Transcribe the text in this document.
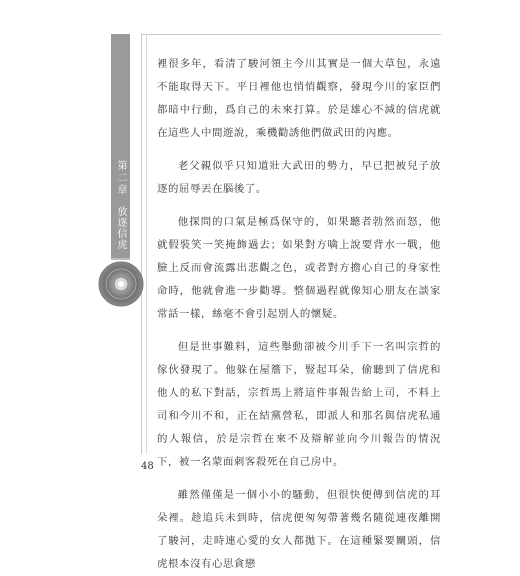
第二章
放逐信虎

裡很多年，看清了駿河領主今川其實是一個大草包，永遠不能取得天下。平日裡他也悄悄觀察，發現今川的家臣們都暗中行動，爲自己的未來打算。於是雄心不減的信虎就在這些人中間遊說，乘機勸誘他們做武田的內應。

老父親似乎只知道壯大武田的勢力，早已把被兒子放逐的屈辱丟在腦後了。

他探問的口氣是極爲保守的，如果聽者勃然而怒，他就假裝笑一笑掩飾過去；如果對方噙上說要背水一戰，他臉上反而會流露出悲觀之色，或者對方擔心自己的身家性命時，他就會進一步勸導。整個過程就像知心朋友在談家常話一樣，絲毫不會引起別人的懷疑。

但是世事難料，這些舉動卻被今川手下一名叫宗哲的傢伙發現了。他躲在屋簷下，豎起耳朵，偷聽到了信虎和他人的私下對話，宗哲馬上將這件事報告給上司，不料上司和今川不和，正在結黨營私，即派人和那名與信虎私通的人報信，於是宗哲在來不及辯解並向今川報告的情況下，被一名蒙面刺客殺死在自己房中。

雖然僅僅是一個小小的騷動，但很快便傳到信虎的耳朵裡。趁追兵未到時，信虎便匆匆帶著幾名隨從連夜離開了駿河，走時連心愛的女人都拋下。在這種緊要關頭，信虎根本沒有心思貪戀

48
